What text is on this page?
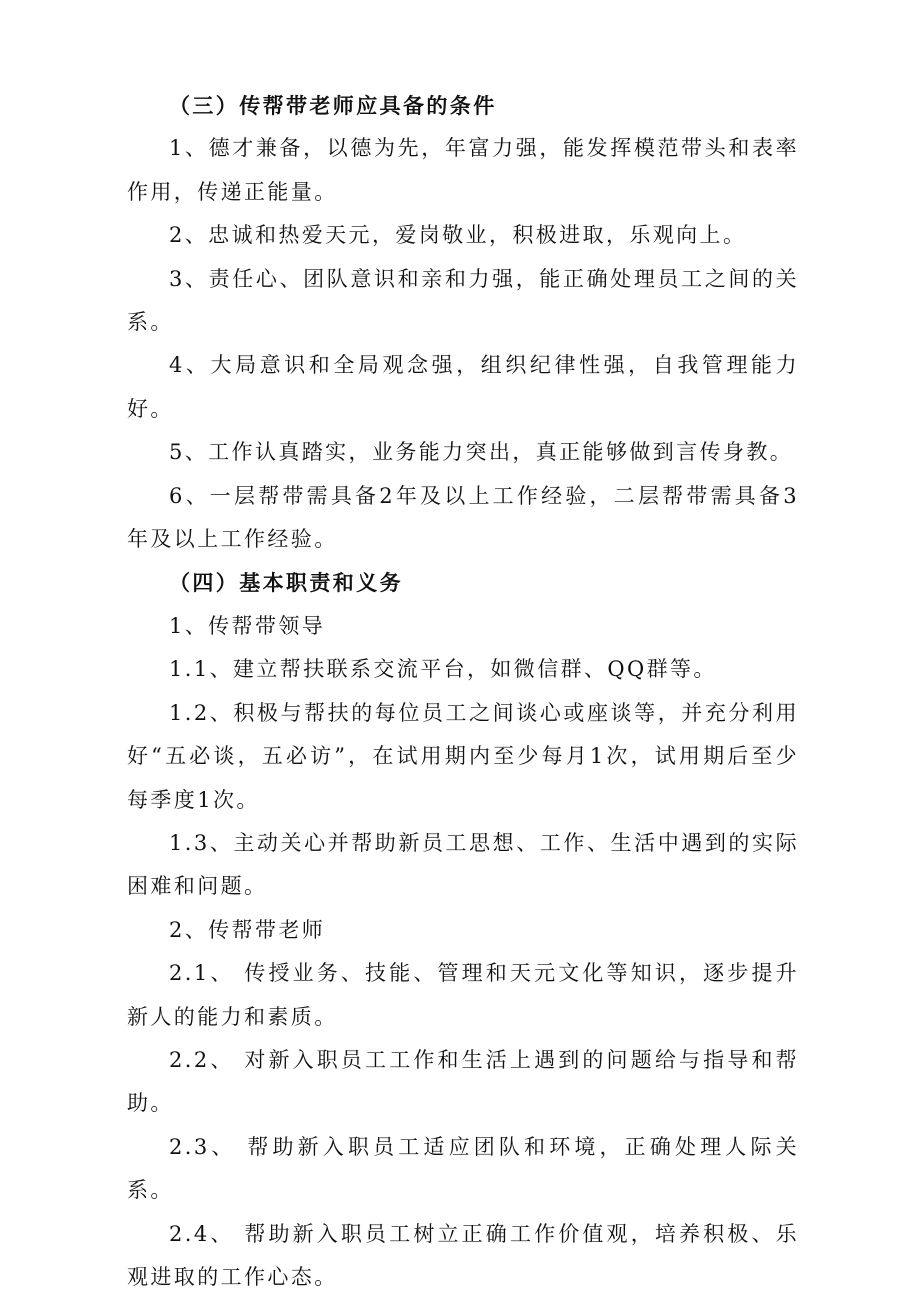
（三）传帮带老师应具备的条件

1、德才兼备，以德为先，年富力强，能发挥模范带头和表率作用，传递正能量。

2、忠诚和热爱天元，爱岗敬业，积极进取，乐观向上。

3、责任心、团队意识和亲和力强，能正确处理员工之间的关系。

4、大局意识和全局观念强，组织纪律性强，自我管理能力好。

5、工作认真踏实，业务能力突出，真正能够做到言传身教。

6、一层帮带需具备2年及以上工作经验，二层帮带需具备3年及以上工作经验。

（四）基本职责和义务

1、传帮带领导

1.1、建立帮扶联系交流平台，如微信群、QQ群等。

1.2、积极与帮扶的每位员工之间谈心或座谈等，并充分利用好“五必谈，五必访”，在试用期内至少每月1次，试用期后至少每季度1次。

1.3、主动关心并帮助新员工思想、工作、生活中遇到的实际困难和问题。

2、传帮带老师

2.1、 传授业务、技能、管理和天元文化等知识，逐步提升新人的能力和素质。

2.2、 对新入职员工工作和生活上遇到的问题给与指导和帮助。

2.3、 帮助新入职员工适应团队和环境，正确处理人际关系。

2.4、 帮助新入职员工树立正确工作价值观，培养积极、乐观进取的工作心态。
